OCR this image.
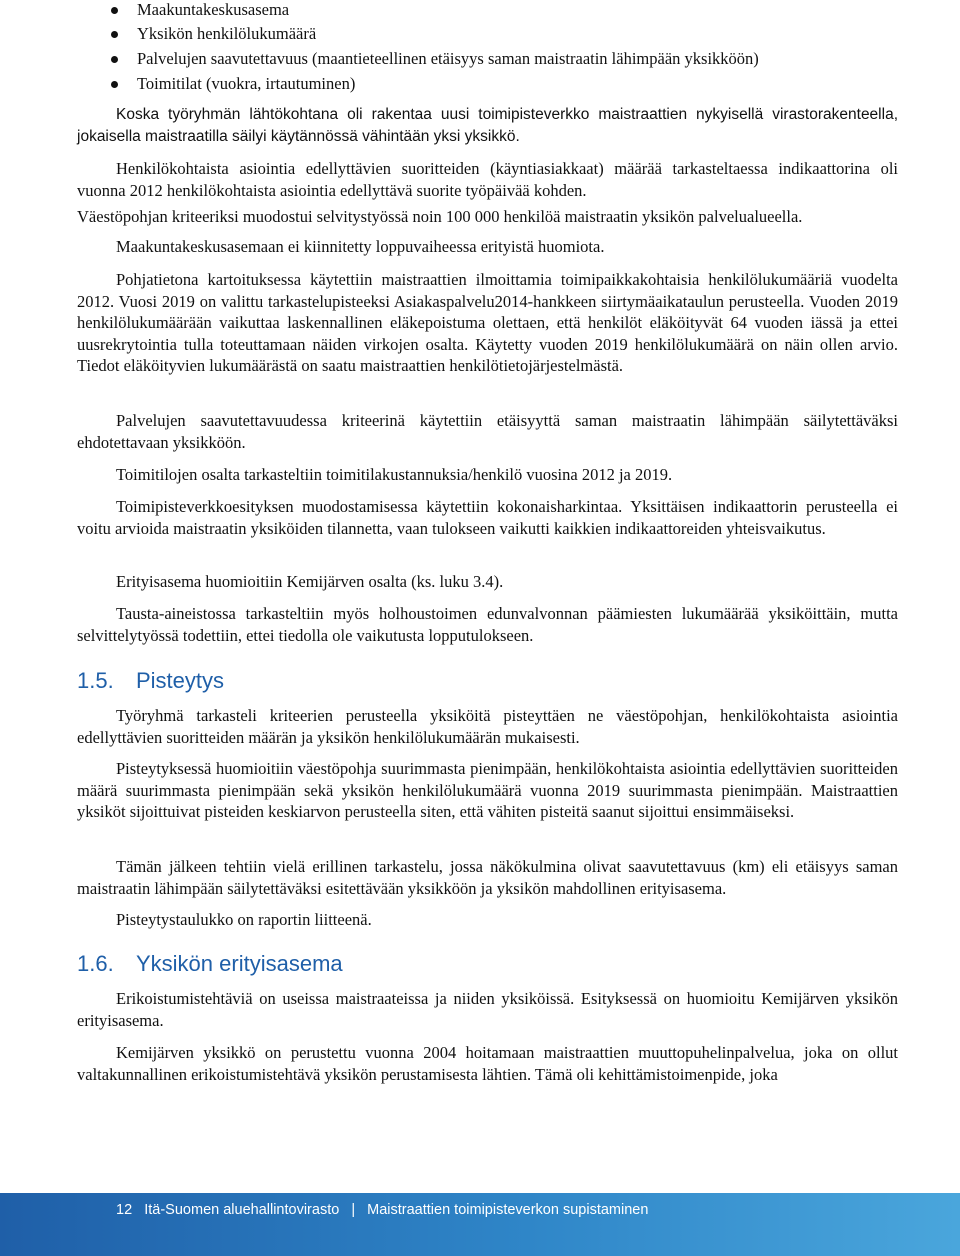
Maakuntakeskusasema
Yksikön henkilölukumäärä
Palvelujen saavutettavuus (maantieteellinen etäisyys saman maistraatin lähimpään yksikköön)
Toimitilat (vuokra, irtautuminen)

Koska työryhmän lähtökohtana oli rakentaa uusi toimipisteverkko maistraattien nykyisellä virastorakenteella, jokaisella maistraatilla säilyi käytännössä vähintään yksi yksikkö.

Henkilökohtaista asiointia edellyttävien suoritteiden (käyntiasiakkaat) määrää tarkasteltaessa indikaattorina oli vuonna 2012 henkilökohtaista asiointia edellyttävä suorite työpäivää kohden.

Väestöpohjan kriteeriksi muodostui selvitystyössä noin 100 000 henkilöä maistraatin yksikön palvelualueella.

Maakuntakeskusasemaan ei kiinnitetty loppuvaiheessa erityistä huomiota.

Pohjatietona kartoituksessa käytettiin maistraattien ilmoittamia toimipaikkakohtaisia henkilölukumääriä vuodelta 2012. Vuosi 2019 on valittu tarkastelupisteeksi Asiakaspalvelu2014-hankkeen siirtymäaikataulun perusteella. Vuoden 2019 henkilölukumäärään vaikuttaa laskennallinen eläkepoistuma olettaen, että henkilöt eläköityvät 64 vuoden iässä ja ettei uusrekrytointia tulla toteuttamaan näiden virkojen osalta. Käytetty vuoden 2019 henkilölukumäärä on näin ollen arvio. Tiedot eläköityvien lukumäärästä on saatu maistraattien henkilötietojärjestelmästä.

Palvelujen saavutettavuudessa kriteerinä käytettiin etäisyyttä saman maistraatin lähimpään säilytettäväksi ehdotettavaan yksikköön.

Toimitilojen osalta tarkasteltiin toimitilakustannuksia/henkilö vuosina 2012 ja 2019.

Toimipisteverkkoesityksen muodostamisessa käytettiin kokonaisharkintaa. Yksittäisen indikaattorin perusteella ei voitu arvioida maistraatin yksiköiden tilannetta, vaan tulokseen vaikutti kaikkien indikaattoreiden yhteisvaikutus.

Erityisasema huomioitiin Kemijärven osalta (ks. luku 3.4).

Tausta-aineistossa tarkasteltiin myös holhoustoimen edunvalvonnan päämiesten lukumäärää yksiköittäin, mutta selvittelytyössä todettiin, ettei tiedolla ole vaikutusta lopputulokseen.

1.5. Pisteytys

Työryhmä tarkasteli kriteerien perusteella yksiköitä pisteyttäen ne väestöpohjan, henkilökohtaista asiointia edellyttävien suoritteiden määrän ja yksikön henkilölukumäärän mukaisesti.

Pisteytyksessä huomioitiin väestöpohja suurimmasta pienimpään, henkilökohtaista asiointia edellyttävien suoritteiden määrä suurimmasta pienimpään sekä yksikön henkilölukumäärä vuonna 2019 suurimmasta pienimpään. Maistraattien yksiköt sijoittuivat pisteiden keskiarvon perusteella siten, että vähiten pisteitä saanut sijoittui ensimmäiseksi.

Tämän jälkeen tehtiin vielä erillinen tarkastelu, jossa näkökulmina olivat saavutettavuus (km) eli etäisyys saman maistraatin lähimpään säilytettäväksi esitettävään yksikköön ja yksikön mahdollinen erityisasema.

Pisteytystaulukko on raportin liitteenä.

1.6. Yksikön erityisasema

Erikoistumistehtäviä on useissa maistraateissa ja niiden yksiköissä. Esityksessä on huomioitu Kemijärven yksikön erityisasema.

Kemijärven yksikkö on perustettu vuonna 2004 hoitamaan maistraattien muuttopuhelinpalvelua, joka on ollut valtakunnallinen erikoistumistehtävä yksikön perustamisesta lähtien. Tämä oli kehittämistoimenpide, joka

12 Itä-Suomen aluehallintovirasto | Maistraattien toimipisteverkon supistaminen
